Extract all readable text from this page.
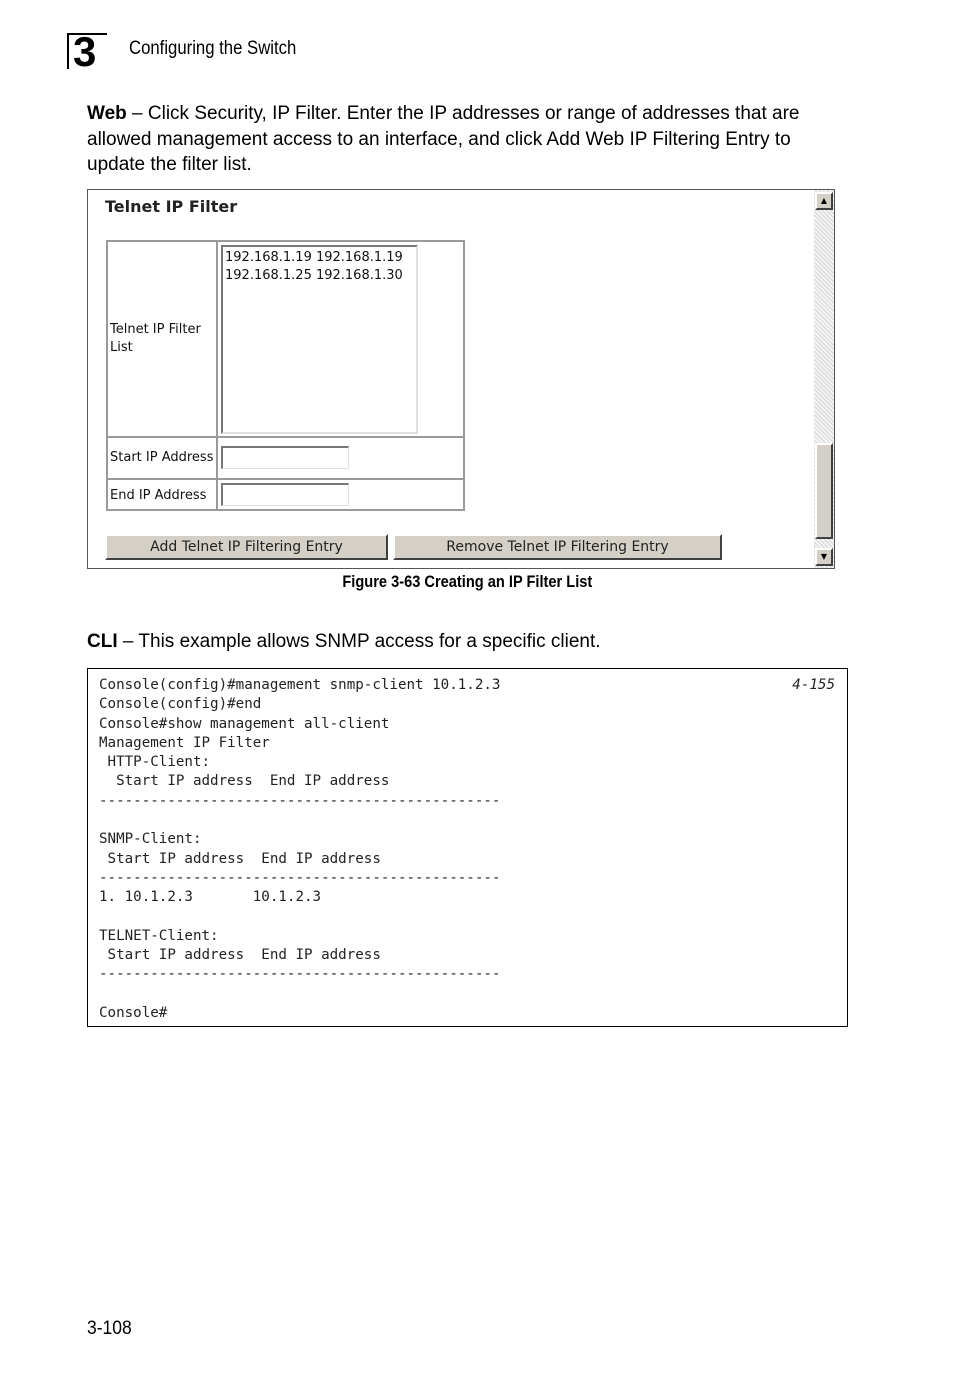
3 Configuring the Switch

Web – Click Security, IP Filter. Enter the IP addresses or range of addresses that are allowed management access to an interface, and click Add Web IP Filtering Entry to update the filter list.

Telnet IP Filter
Telnet IP Filter List
192.168.1.19 192.168.1.19
192.168.1.25 192.168.1.30
Start IP Address
End IP Address
Add Telnet IP Filtering Entry	Remove Telnet IP Filtering Entry
▲
▼
Figure 3-63 Creating an IP Filter List

CLI – This example allows SNMP access for a specific client.

Console(config)#management snmp-client 10.1.2.3	4-155
Console(config)#end
Console#show management all-client
Management IP Filter
HTTP-Client:
Start IP address  End IP address
-----------------------------------------------
SNMP-Client:
Start IP address  End IP address
-----------------------------------------------
1. 10.1.2.3       10.1.2.3
TELNET-Client:
Start IP address  End IP address
-----------------------------------------------
Console#
3-108
